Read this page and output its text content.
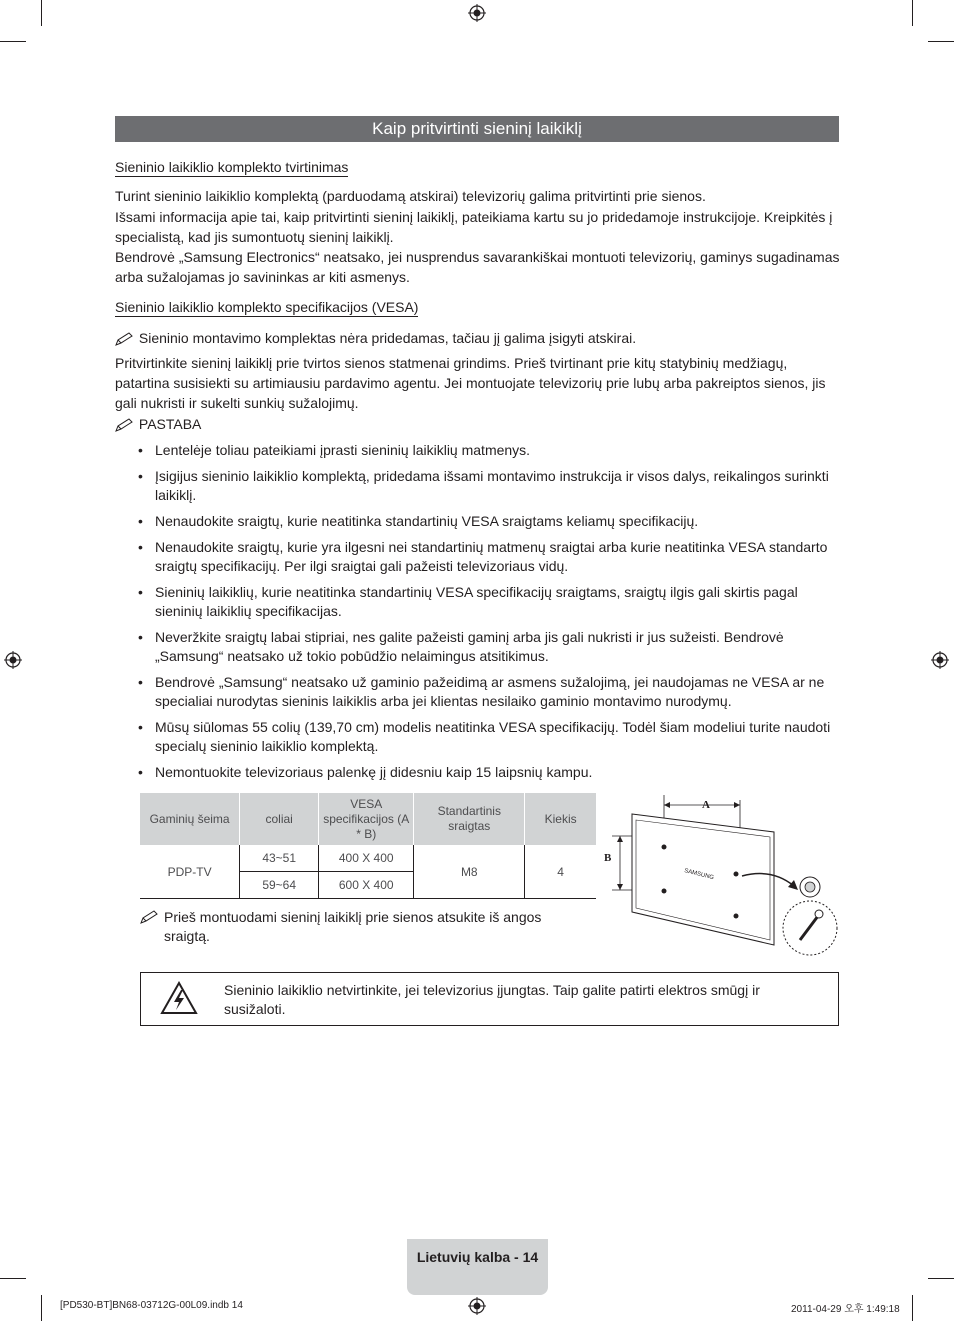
Kaip pritvirtinti sieninį laikiklį
Sieninio laikiklio komplekto tvirtinimas
Turint sieninio laikiklio komplektą (parduodamą atskirai) televizorių galima pritvirtinti prie sienos.
Išsami informacija apie tai, kaip pritvirtinti sieninį laikiklį, pateikiama kartu su jo pridedamoje instrukcijoje. Kreipkitės į specialistą, kad jis sumontuotų sieninį laikiklį.
Bendrovė „Samsung Electronics“ neatsako, jei nusprendus savarankiškai montuoti televizorių, gaminys sugadinamas arba sužalojamas jo savininkas ar kiti asmenys.
Sieninio laikiklio komplekto specifikacijos (VESA)
Sieninio montavimo komplektas nėra pridedamas, tačiau jį galima įsigyti atskirai.
Pritvirtinkite sieninį laikiklį prie tvirtos sienos statmenai grindims. Prieš tvirtinant prie kitų statybinių medžiagų, patartina susisiekti su artimiausiu pardavimo agentu. Jei montuojate televizorių prie lubų arba pakreiptos sienos, jis gali nukristi ir sukelti sunkių sužalojimų.
PASTABA
• Lentelėje toliau pateikiami įprasti sieninių laikiklių matmenys.
• Įsigijus sieninio laikiklio komplektą, pridedama išsami montavimo instrukcija ir visos dalys, reikalingos surinkti laikiklį.
• Nenaudokite sraigtų, kurie neatitinka standartinių VESA sraigtams keliamų specifikacijų.
• Nenaudokite sraigtų, kurie yra ilgesni nei standartinių matmenų sraigtai arba kurie neatitinka VESA standarto sraigtų specifikacijų. Per ilgi sraigtai gali pažeisti televizoriaus vidų.
• Sieninių laikiklių, kurie neatitinka standartinių VESA specifikacijų sraigtams, sraigtų ilgis gali skirtis pagal sieninių laikiklių specifikacijas.
• Neveržkite sraigtų labai stipriai, nes galite pažeisti gaminį arba jis gali nukristi ir jus sužeisti. Bendrovė „Samsung“ neatsako už tokio pobūdžio nelaimingus atsitikimus.
• Bendrovė „Samsung“ neatsako už gaminio pažeidimą ar asmens sužalojimą, jei naudojamas ne VESA ar ne specialiai nurodytas sieninis laikiklis arba jei klientas nesilaiko gaminio montavimo nurodymų.
• Mūsų siūlomas 55 colių (139,70 cm) modelis neatitinka VESA specifikacijų. Todėl šiam modeliui turite naudoti specialų sieninio laikiklio komplektą.
• Nemontuokite televizoriaus palenkę jį didesniu kaip 15 laipsnių kampu.
Gaminių šeima	coliai	VESA specifikacijos (A * B)	Standartinis sraigtas	Kiekis
PDP-TV	43~51	400 X 400	M8	4
	59~64	600 X 400		
A
B
SAMSUNG
Prieš montuodami sieninį laikiklį prie sienos atsukite iš angos sraigtą.
Sieninio laikiklio netvirtinkite, jei televizorius įjungtas. Taip galite patirti elektros smūgį ir susižaloti.
Lietuvių kalba - 14
[PD530-BT]BN68-03712G-00L09.indb 14	2011-04-29 오후 1:49:18
